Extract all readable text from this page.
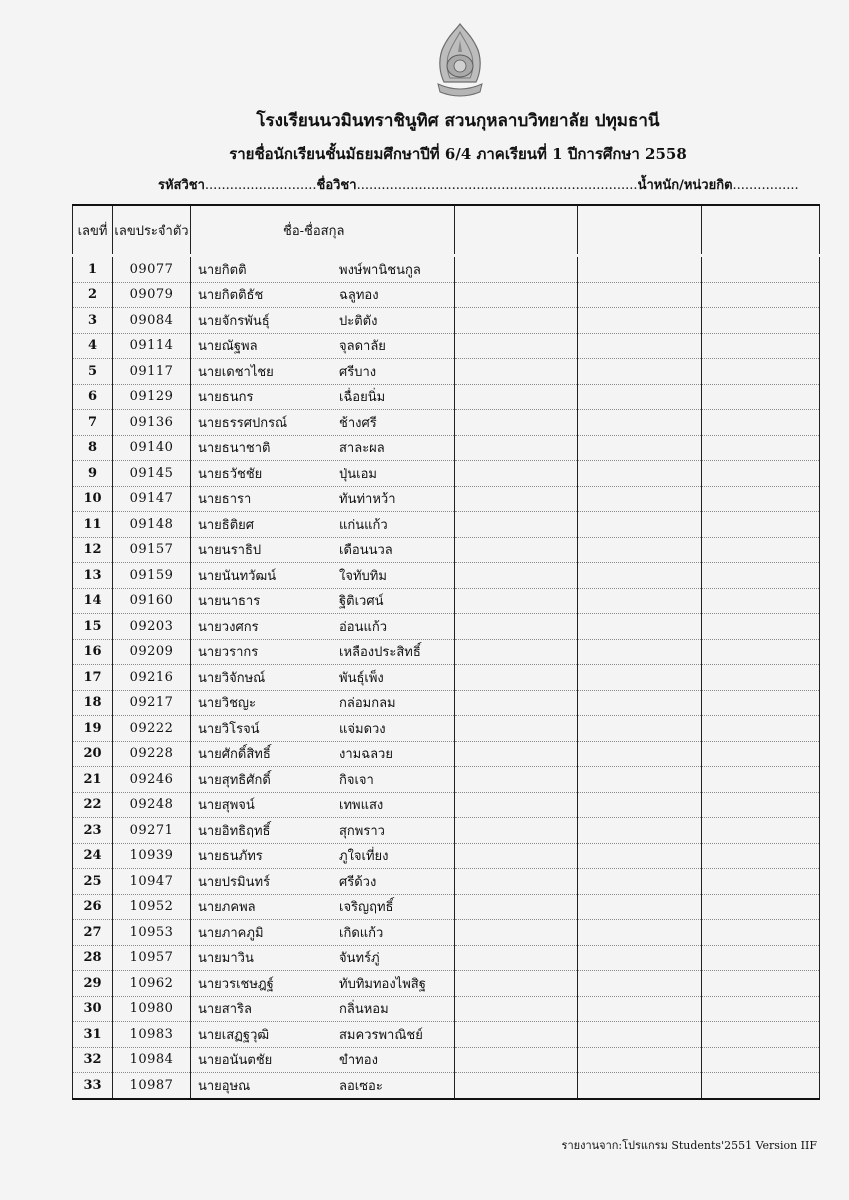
โรงเรียนนวมินทราชินูทิศ สวนกุหลาบวิทยาลัย ปทุมธานี
รายชื่อนักเรียนชั้นมัธยมศึกษาปีที่ 6/4 ภาคเรียนที่ 1 ปีการศึกษา 2558
รหัสวิชา...........................ชื่อวิชา....................................................................น้ำหนัก/หน่วยกิต................
เลขที่	เลขประจำตัว	ชื่อ-ชื่อสกุล			
1	09077	นายกิตติ พงษ์พานิชนกูล			
2	09079	นายกิตติธัช ฉลูทอง			
3	09084	นายจักรพันธุ์ ปะติตัง			
4	09114	นายณัฐพล จุลดาลัย			
5	09117	นายเดชาไชย ศรีบาง			
6	09129	นายธนกร เฉื่อยนิ่ม			
7	09136	นายธรรศปกรณ์ ช้างศรี			
8	09140	นายธนาชาติ สาละผล			
9	09145	นายธวัชชัย ปุ่นเอม			
10	09147	นายธารา ทันท่าหว้า			
11	09148	นายธิติยศ แก่นแก้ว			
12	09157	นายนราธิป เดือนนวล			
13	09159	นายนันทวัฒน์ ใจทับทิม			
14	09160	นายนาธาร ฐิติเวศน์			
15	09203	นายวงศกร อ่อนแก้ว			
16	09209	นายวรากร เหลืองประสิทธิ์			
17	09216	นายวิจักษณ์ พันธุ์เพ็ง			
18	09217	นายวิชญะ กล่อมกลม			
19	09222	นายวิโรจน์ แจ่มดวง			
20	09228	นายศักดิ์สิทธิ์ งามฉลวย			
21	09246	นายสุทธิศักดิ์ กิจเจา			
22	09248	นายสุพจน์ เทพแสง			
23	09271	นายอิทธิฤทธิ์ สุกพราว			
24	10939	นายธนภัทร ภูใจเที่ยง			
25	10947	นายปรมินทร์ ศรีด้วง			
26	10952	นายภคพล เจริญฤทธิ์			
27	10953	นายภาคภูมิ เกิดแก้ว			
28	10957	นายมาวิน จันทร์ภู่			
29	10962	นายวรเชษฎฐ์ ทับทิมทองไพสิฐ			
30	10980	นายสาริล กลิ่นหอม			
31	10983	นายเสฏฐวุฒิ สมควรพาณิชย์			
32	10984	นายอนันตชัย ขำทอง			
33	10987	นายอุษณ ลอเซอะ			
รายงานจาก:โปรแกรม Students'2551 Version IIF
